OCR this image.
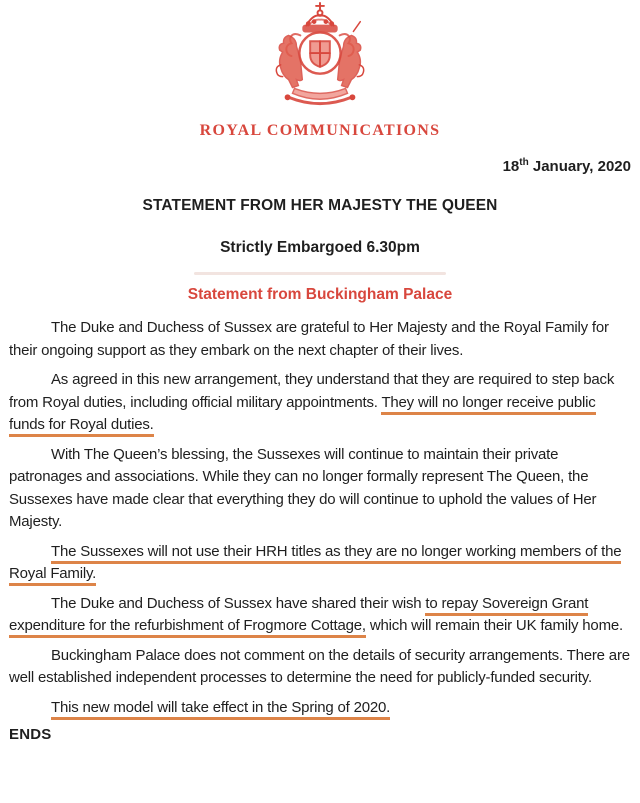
ROYAL COMMUNICATIONS
18th January, 2020
STATEMENT FROM HER MAJESTY THE QUEEN
Strictly Embargoed 6.30pm
Statement from Buckingham Palace

The Duke and Duchess of Sussex are grateful to Her Majesty and the Royal Family for their ongoing support as they embark on the next chapter of their lives.

As agreed in this new arrangement, they understand that they are required to step back from Royal duties, including official military appointments. They will no longer receive public funds for Royal duties.

With The Queen’s blessing, the Sussexes will continue to maintain their private patronages and associations. While they can no longer formally represent The Queen, the Sussexes have made clear that everything they do will continue to uphold the values of Her Majesty.

The Sussexes will not use their HRH titles as they are no longer working members of the Royal Family.

The Duke and Duchess of Sussex have shared their wish to repay Sovereign Grant expenditure for the refurbishment of Frogmore Cottage, which will remain their UK family home.

Buckingham Palace does not comment on the details of security arrangements. There are well established independent processes to determine the need for publicly-funded security.

This new model will take effect in the Spring of 2020.

ENDS
